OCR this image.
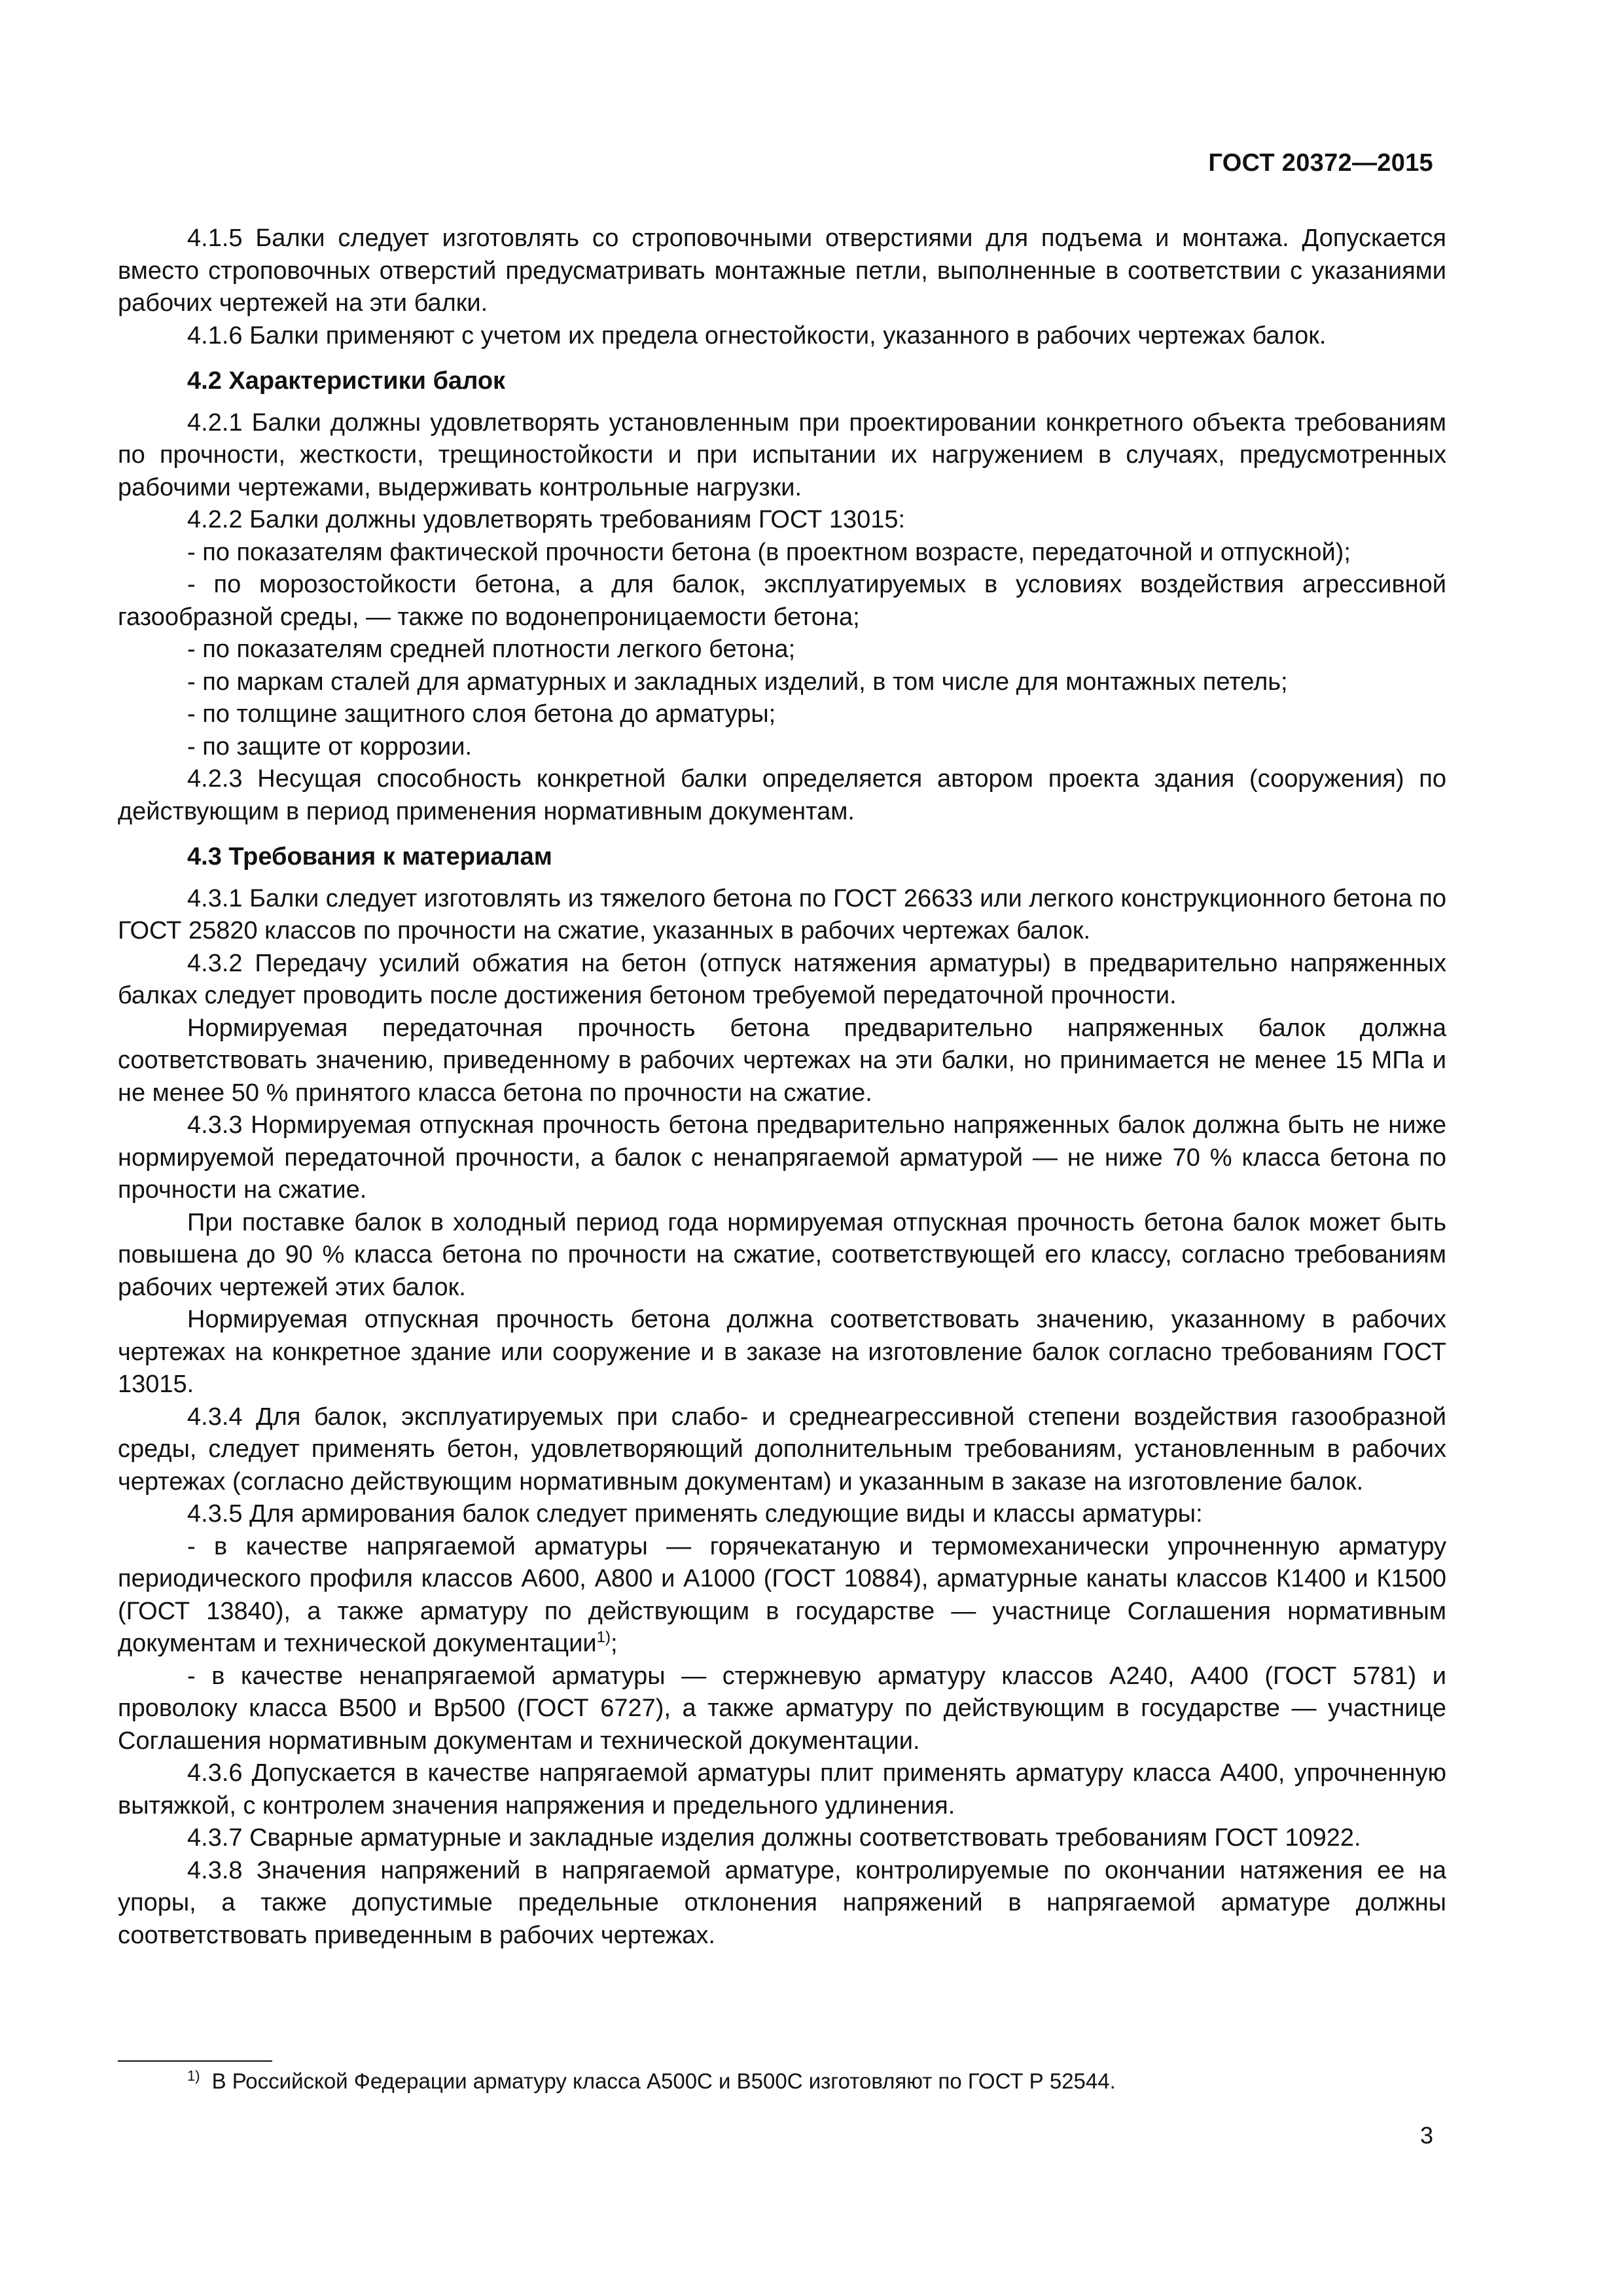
ГОСТ 20372—2015

4.1.5 Балки следует изготовлять со строповочными отверстиями для подъема и монтажа. Допускается вместо строповочных отверстий предусматривать монтажные петли, выполненные в соответствии с указаниями рабочих чертежей на эти балки.

4.1.6 Балки применяют с учетом их предела огнестойкости, указанного в рабочих чертежах балок.

4.2 Характеристики балок

4.2.1 Балки должны удовлетворять установленным при проектировании конкретного объекта требованиям по прочности, жесткости, трещиностойкости и при испытании их нагружением в случаях, предусмотренных рабочими чертежами, выдерживать контрольные нагрузки.

4.2.2 Балки должны удовлетворять требованиям ГОСТ 13015:

- по показателям фактической прочности бетона (в проектном возрасте, передаточной и отпускной);

- по морозостойкости бетона, а для балок, эксплуатируемых в условиях воздействия агрессивной газообразной среды, — также по водонепроницаемости бетона;

- по показателям средней плотности легкого бетона;

- по маркам сталей для арматурных и закладных изделий, в том числе для монтажных петель;

- по толщине защитного слоя бетона до арматуры;

- по защите от коррозии.

4.2.3 Несущая способность конкретной балки определяется автором проекта здания (сооружения) по действующим в период применения нормативным документам.

4.3 Требования к материалам

4.3.1 Балки следует изготовлять из тяжелого бетона по ГОСТ 26633 или легкого конструкционного бетона по ГОСТ 25820 классов по прочности на сжатие, указанных в рабочих чертежах балок.

4.3.2 Передачу усилий обжатия на бетон (отпуск натяжения арматуры) в предварительно напряженных балках следует проводить после достижения бетоном требуемой передаточной прочности.

Нормируемая передаточная прочность бетона предварительно напряженных балок должна соответствовать значению, приведенному в рабочих чертежах на эти балки, но принимается не менее 15 МПа и не менее 50 % принятого класса бетона по прочности на сжатие.

4.3.3 Нормируемая отпускная прочность бетона предварительно напряженных балок должна быть не ниже нормируемой передаточной прочности, а балок с ненапрягаемой арматурой — не ниже 70 % класса бетона по прочности на сжатие.

При поставке балок в холодный период года нормируемая отпускная прочность бетона балок может быть повышена до 90 % класса бетона по прочности на сжатие, соответствующей его классу, согласно требованиям рабочих чертежей этих балок.

Нормируемая отпускная прочность бетона должна соответствовать значению, указанному в рабочих чертежах на конкретное здание или сооружение и в заказе на изготовление балок согласно требованиям ГОСТ 13015.

4.3.4 Для балок, эксплуатируемых при слабо- и среднеагрессивной степени воздействия газообразной среды, следует применять бетон, удовлетворяющий дополнительным требованиям, установленным в рабочих чертежах (согласно действующим нормативным документам) и указанным в заказе на изготовление балок.

4.3.5 Для армирования балок следует применять следующие виды и классы арматуры:

- в качестве напрягаемой арматуры — горячекатаную и термомеханически упрочненную арматуру периодического профиля классов А600, А800 и А1000 (ГОСТ 10884), арматурные канаты классов К1400 и К1500 (ГОСТ 13840), а также арматуру по действующим в государстве — участнице Соглашения нормативным документам и технической документации$^{1)}$;

- в качестве ненапрягаемой арматуры — стержневую арматуру классов А240, А400 (ГОСТ 5781) и проволоку класса В500 и Вр500 (ГОСТ 6727), а также арматуру по действующим в государстве — участнице Соглашения нормативным документам и технической документации.

4.3.6 Допускается в качестве напрягаемой арматуры плит применять арматуру класса А400, упрочненную вытяжкой, с контролем значения напряжения и предельного удлинения.

4.3.7 Сварные арматурные и закладные изделия должны соответствовать требованиям ГОСТ 10922.

4.3.8 Значения напряжений в напрягаемой арматуре, контролируемые по окончании натяжения ее на упоры, а также допустимые предельные отклонения напряжений в напрягаемой арматуре должны соответствовать приведенным в рабочих чертежах.

$^{1)}$ В Российской Федерации арматуру класса А500С и В500С изготовляют по ГОСТ Р 52544.
3
